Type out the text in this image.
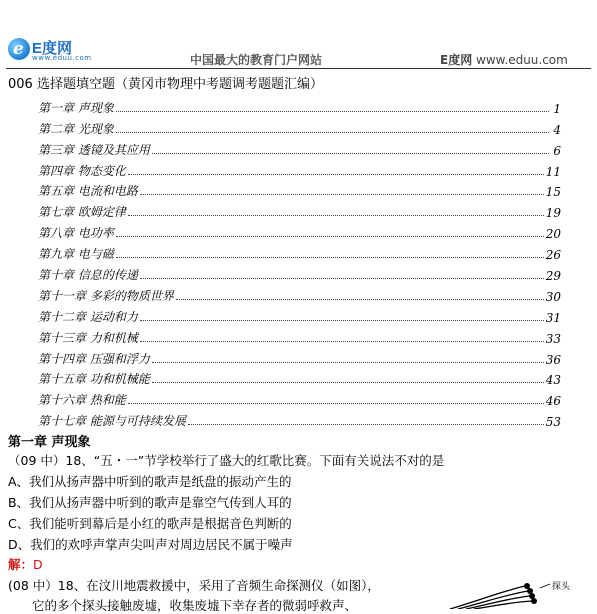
e E度网
www.eduu.com	中国最大的教育门户网站	E度网 www.eduu.com
006 选择题填空题（黄冈市物理中考题调考题题汇编）
第一章 声现象	1
第二章 光现象	4
第三章 透镜及其应用	6
第四章 物态变化	11
第五章 电流和电路	15
第七章 欧姆定律	19
第八章 电功率	20
第九章 电与磁	26
第十章 信息的传递	29
第十一章 多彩的物质世界	30
第十二章 运动和力	31
第十三章 力和机械	33
第十四章 压强和浮力	36
第十五章 功和机械能	43
第十六章 热和能	46
第十七章 能源与可持续发展	53
第一章 声现象
（09 中）18、“五・一”节学校举行了盛大的红歌比赛。下面有关说法不对的是
A、我们从扬声器中听到的歌声是纸盘的振动产生的
B、我们从扬声器中听到的歌声是靠空气传到人耳的
C、我们能听到幕后是小红的歌声是根据音色判断的
D、我们的欢呼声掌声尖叫声对周边居民不属于噪声
解：D
(08 中）18、在汶川地震救援中，采用了音频生命探测仪（如图），
它的多个探头接触废墟，收集废墟下幸存者的微弱呼救声、
探头
